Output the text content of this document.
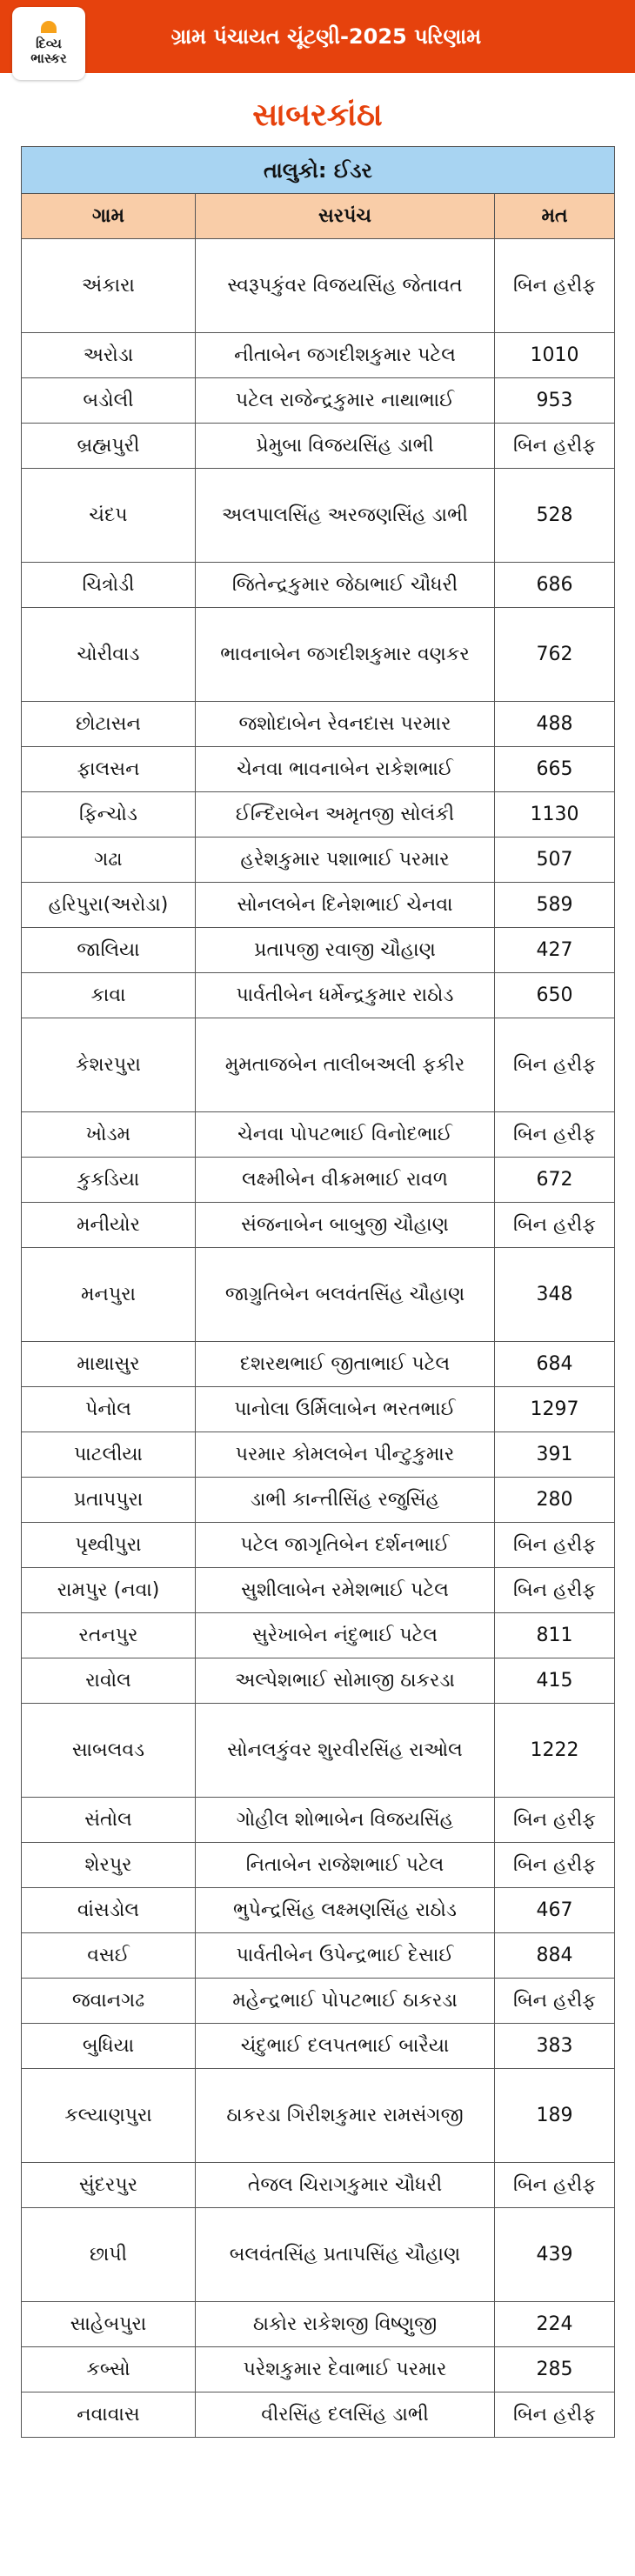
દિવ્ય
ભાસ્કર
ગ્રામ પંચાયત ચૂંટણી-2025 પરિણામ
સાબરકાંઠા
તાલુકો: ઈડર		
ગામ	સરપંચ	મત
અંકારા	સ્વરૂપકુંવર વિજયસિંહ જેતાવત	બિન હરીફ
અરોડા	નીતાબેન જગદીશકુમાર પટેલ	1010
બડોલી	પટેલ રાજેન્દ્રકુમાર નાથાભાઈ	953
બ્રહ્મપુરી	પ્રેમુબા વિજયસિંહ ડાભી	બિન હરીફ
ચંદપ	અલપાલસિંહ અરજણસિંહ ડાભી	528
ચિત્રોડી	જિતેન્દ્રકુમાર જેઠાભાઈ ચૌધરી	686
ચોરીવાડ	ભાવનાબેન જગદીશકુમાર વણકર	762
છોટાસન	જશોદાબેન રેવનદાસ પરમાર	488
ફાલસન	ચેનવા ભાવનાબેન રાકેશભાઈ	665
ફિન્ચોડ	ઈન્દિરાબેન અમૃતજી સોલંકી	1130
ગઢા	હરેશકુમાર પશાભાઈ પરમાર	507
હરિપુરા(અરોડા)	સોનલબેન દિનેશભાઈ ચેનવા	589
જાલિયા	પ્રતાપજી રવાજી ચૌહાણ	427
કાવા	પાર્વતીબેન ધર્મેન્દ્રકુમાર રાઠોડ	650
કેશરપુરા	મુમતાજબેન તાલીબઅલી ફકીર	બિન હરીફ
ખોડમ	ચેનવા પોપટભાઈ વિનોદભાઈ	બિન હરીફ
કુકડિયા	લક્ષ્મીબેન વીક્રમભાઈ રાવળ	672
મનીયોર	સંજનાબેન બાબુજી ચૌહાણ	બિન હરીફ
મનપુરા	જાગ્રુતિબેન બલવંતસિંહ ચૌહાણ	348
માથાસુર	દશરથભાઈ જીતાભાઈ પટેલ	684
પેનોલ	પાનોલા ઉર્મિલાબેન ભરતભાઈ	1297
પાટલીયા	પરમાર કોમલબેન પીન્ટુકુમાર	391
પ્રતાપપુરા	ડાભી કાન્તીસિંહ રજુસિંહ	280
પૃથ્વીપુરા	પટેલ જાગૃતિબેન દર્શનભાઈ	બિન હરીફ
રામપુર (નવા)	સુશીલાબેન રમેશભાઈ પટેલ	બિન હરીફ
રતનપુર	સુરેખાબેન નંદુભાઈ પટેલ	811
રાવોલ	અલ્પેશભાઈ સોમાજી ઠાકરડા	415
સાબલવડ	સોનલકુંવર શુરવીરસિંહ રાઓલ	1222
સંતોલ	ગોહીલ શોભાબેન વિજયસિંહ	બિન હરીફ
શેરપુર	નિતાબેન રાજેશભાઈ પટેલ	બિન હરીફ
વાંસડોલ	ભુપેન્દ્રસિંહ લક્ષ્મણસિંહ રાઠોડ	467
વસઈ	પાર્વતીબેન ઉપેન્દ્રભાઈ દેસાઈ	884
જવાનગઢ	મહેન્દ્રભાઈ પોપટભાઈ ઠાકરડા	બિન હરીફ
બુધિયા	ચંદુભાઈ દલપતભાઈ બારૈયા	383
કલ્યાણપુરા	ઠાકરડા ગિરીશકુમાર રામસંગજી	189
સુંદરપુર	તેજલ ચિરાગકુમાર ચૌધરી	બિન હરીફ
છાપી	બલવંતસિંહ પ્રતાપસિંહ ચૌહાણ	439
સાહેબપુરા	ઠાકોર રાકેશજી વિષ્ણુજી	224
કબ્સો	પરેશકુમાર દેવાભાઈ પરમાર	285
નવાવાસ	વીરસિંહ દલસિંહ ડાભી	બિન હરીફ
